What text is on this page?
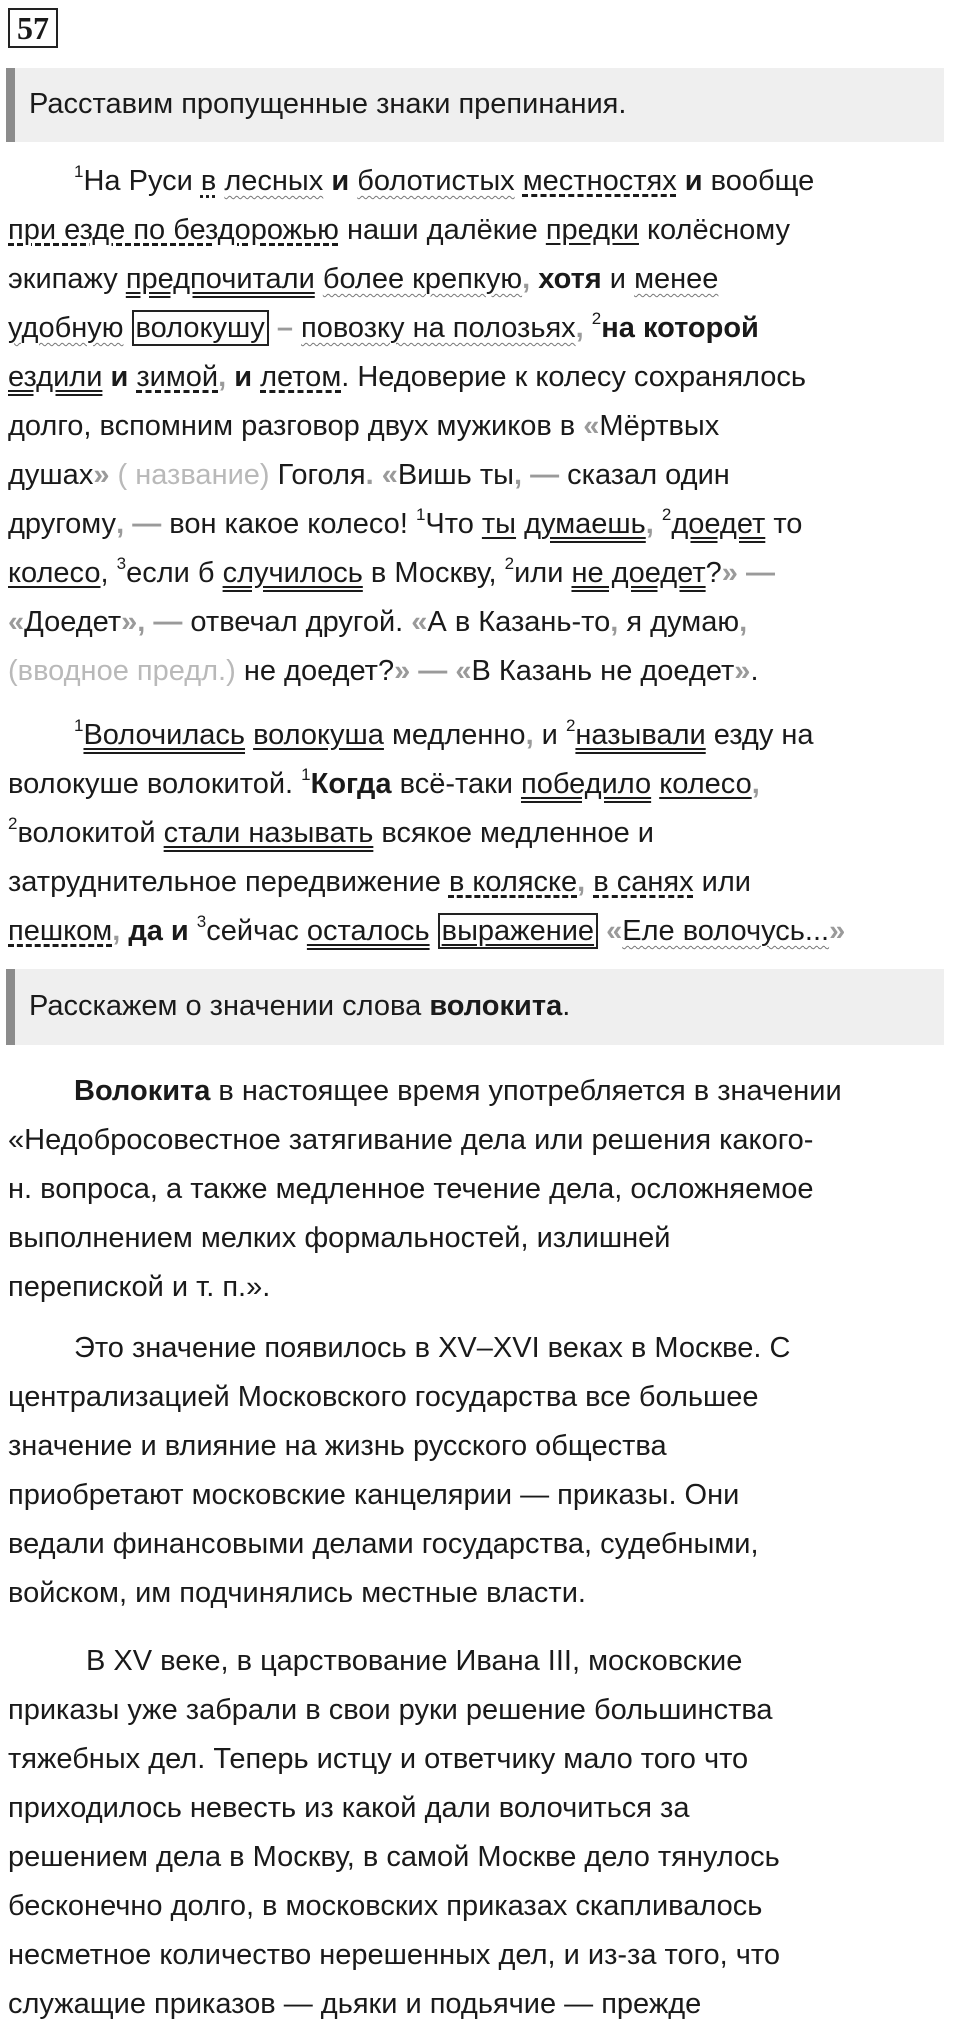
57
Расставим пропущенные знаки препинания.
$^1$На Руси в лесных и болотистых местностях и вообще
при езде по бездорожью наши далёкие предки колёсному
экипажу предпочитали более крепкую, хотя и менее
удобную волокушу – повозку на полозьях, $^2$на которой
ездили и зимой, и летом. Недоверие к колесу сохранялось
долго, вспомним разговор двух мужиков в «Мёртвых
душах» ( название) Гоголя. «Вишь ты, — сказал один
другому, — вон какое колесо! $^1$Что ты думаешь, $^2$доедет то
колесо, $^3$если б случилось в Москву, $^2$или не доедет?» —
«Доедет», — отвечал другой. «А в Казань-то, я думаю,
(вводное предл.) не доедет?» — «В Казань не доедет».
$^1$Волочилась волокуша медленно, и $^2$называли езду на
волокуше волокитой. $^1$Когда всё-таки победило колесо,
$^2$волокитой стали называть всякое медленное и
затруднительное передвижение в коляске, в санях или
пешком, да и $^3$сейчас осталось выражение «Еле волочусь...»
Расскажем о значении слова волокита.
Волокита в настоящее время употребляется в значении
«Недобросовестное затягивание дела или решения какого-
н. вопроса, а также медленное течение дела, осложняемое
выполнением мелких формальностей, излишней
перепиской и т. п.».
Это значение появилось в XV–XVI веках в Москве. С
централизацией Московского государства все большее
значение и влияние на жизнь русского общества
приобретают московские канцелярии — приказы. Они
ведали финансовыми делами государства, судебными,
войском, им подчинялись местные власти.
В XV веке, в царствование Ивана III, московские
приказы уже забрали в свои руки решение большинства
тяжебных дел. Теперь истцу и ответчику мало того что
приходилось невесть из какой дали волочиться за
решением дела в Москву, в самой Москве дело тянулось
бесконечно долго, в московских приказах скапливалось
несметное количество нерешенных дел, и из-за того, что
служащие приказов — дьяки и подьячие — прежде
